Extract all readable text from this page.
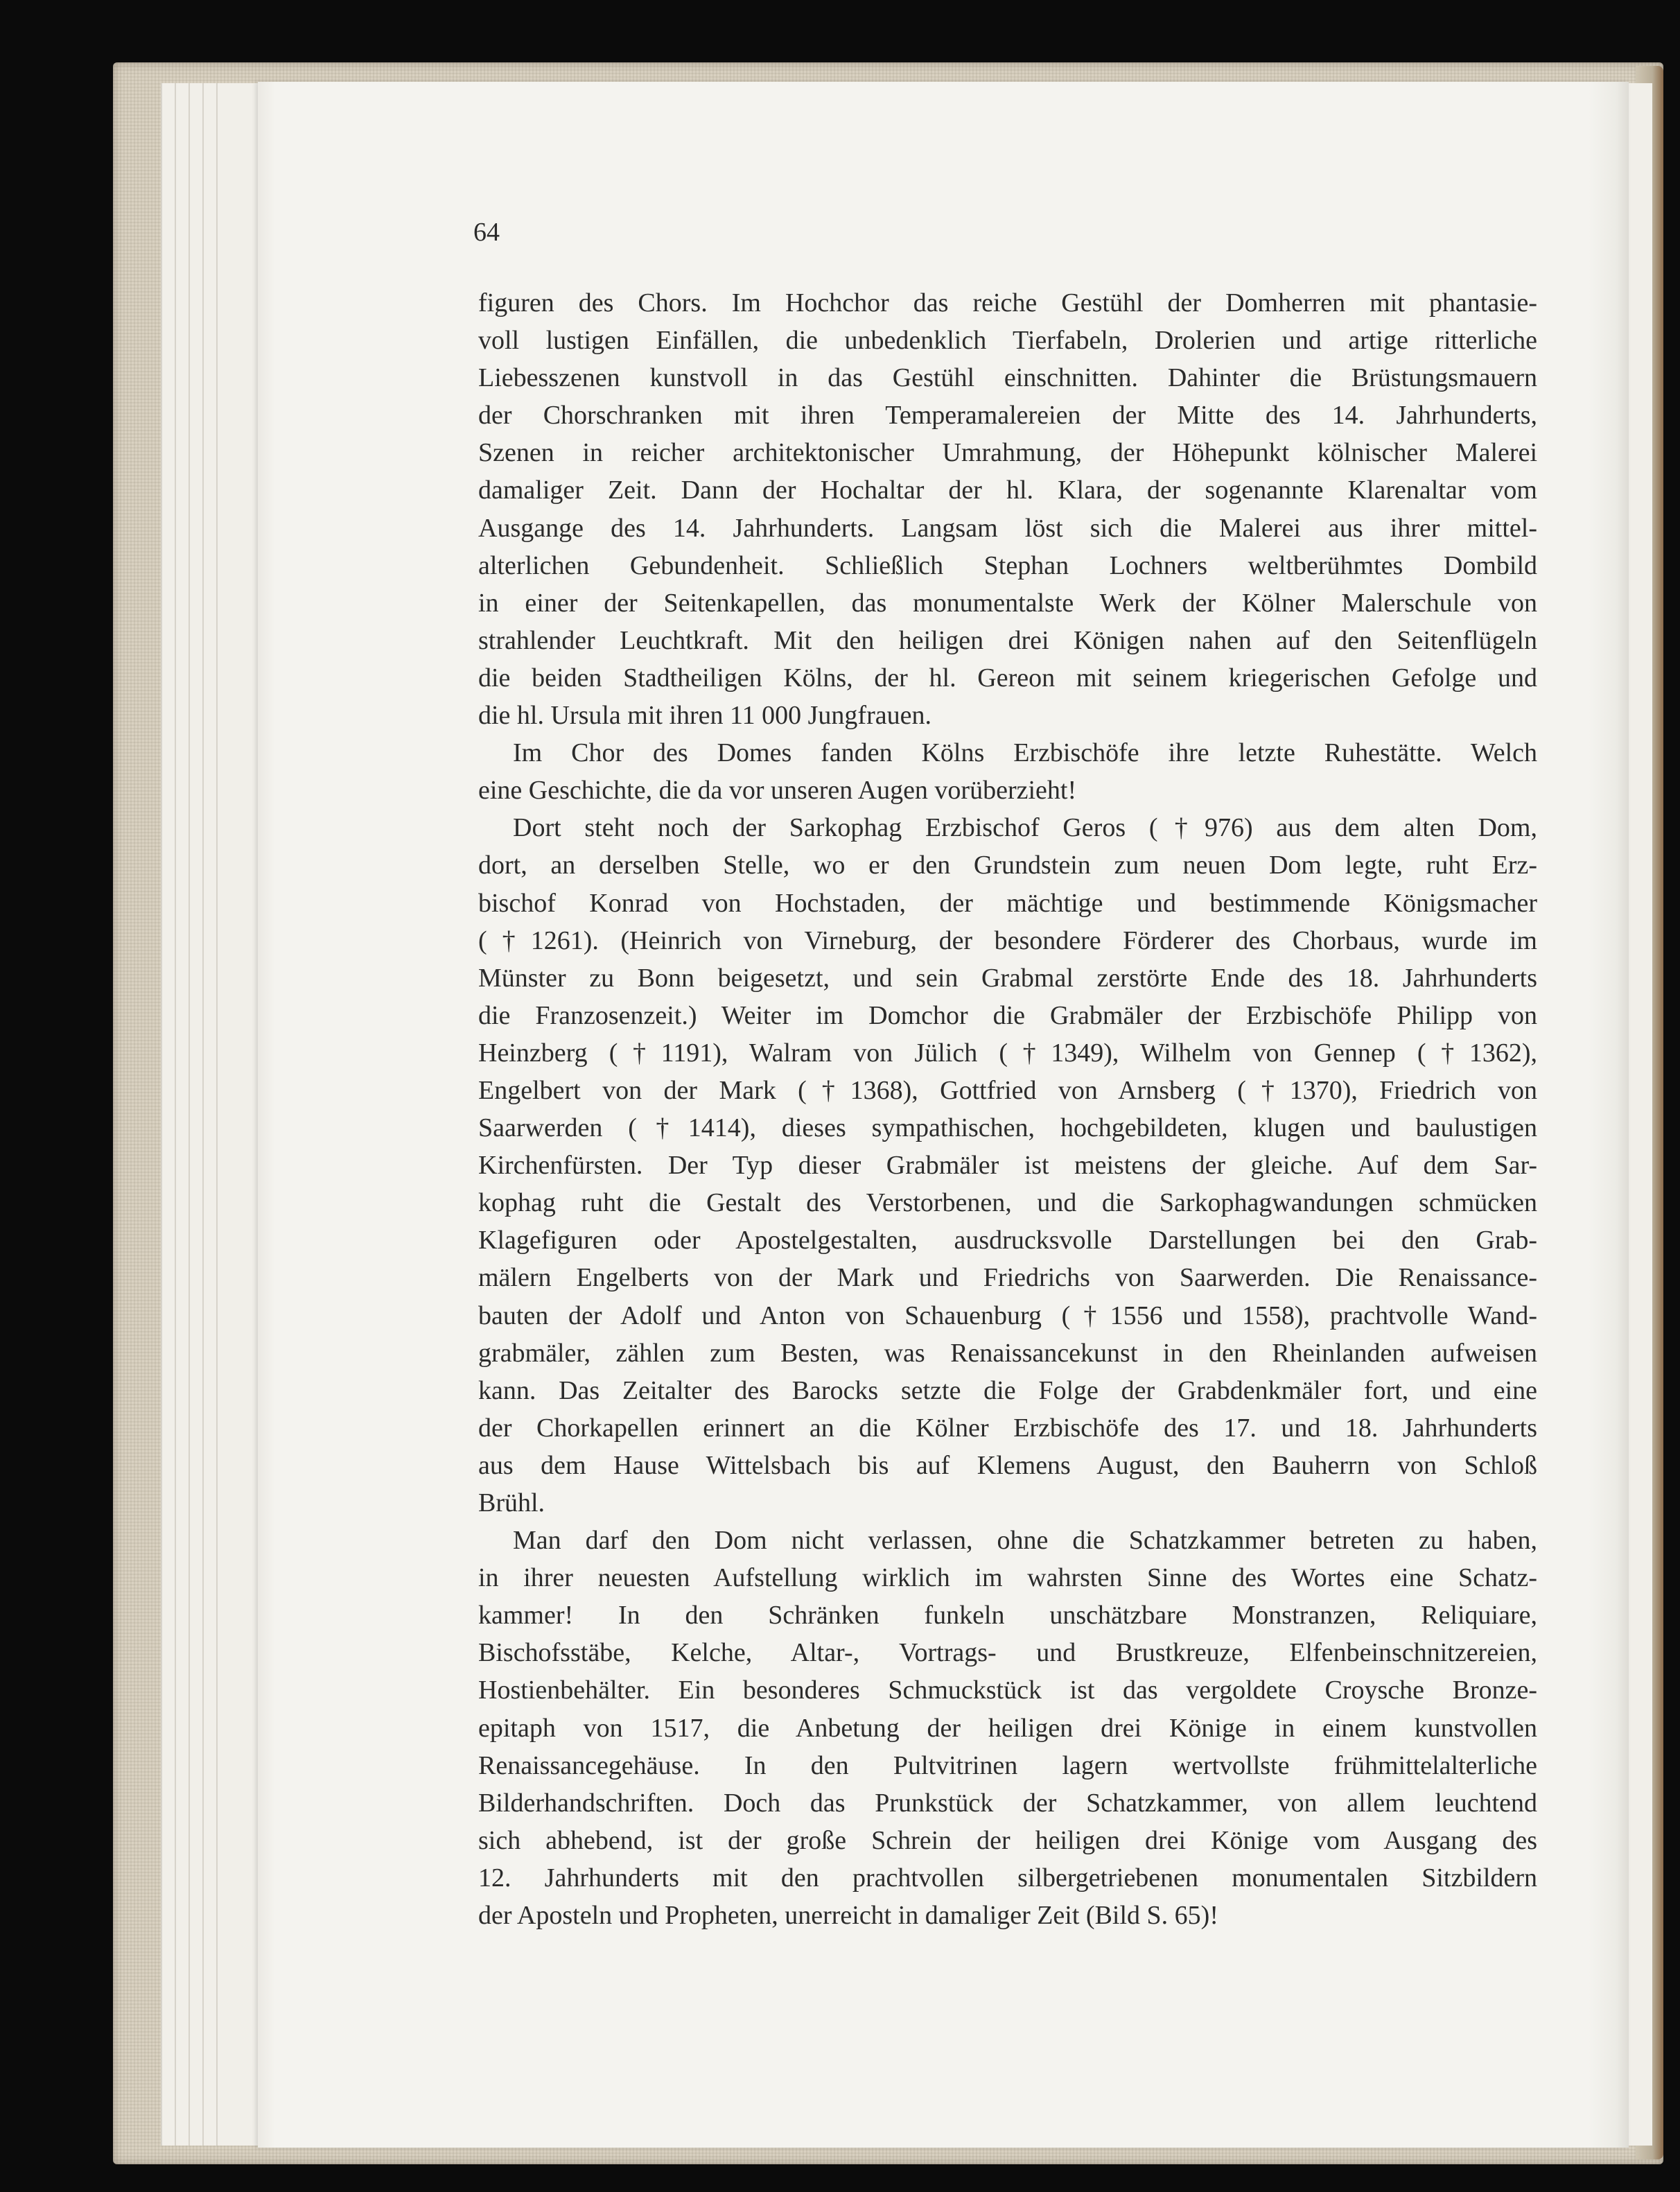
64
figuren des Chors. Im Hochchor das reiche Gestühl der Domherren mit phantasie-
voll lustigen Einfällen, die unbedenklich Tierfabeln, Drolerien und artige ritterliche
Liebesszenen kunstvoll in das Gestühl einschnitten. Dahinter die Brüstungsmauern
der Chorschranken mit ihren Temperamalereien der Mitte des 14. Jahrhunderts,
Szenen in reicher architektonischer Umrahmung, der Höhepunkt kölnischer Malerei
damaliger Zeit. Dann der Hochaltar der hl. Klara, der sogenannte Klarenaltar vom
Ausgange des 14. Jahrhunderts. Langsam löst sich die Malerei aus ihrer mittel-
alterlichen Gebundenheit. Schließlich Stephan Lochners weltberühmtes Dombild
in einer der Seitenkapellen, das monumentalste Werk der Kölner Malerschule von
strahlender Leuchtkraft. Mit den heiligen drei Königen nahen auf den Seitenflügeln
die beiden Stadtheiligen Kölns, der hl. Gereon mit seinem kriegerischen Gefolge und
die hl. Ursula mit ihren 11 000 Jungfrauen.
Im Chor des Domes fanden Kölns Erzbischöfe ihre letzte Ruhestätte. Welch
eine Geschichte, die da vor unseren Augen vorüberzieht!
Dort steht noch der Sarkophag Erzbischof Geros (†976) aus dem alten Dom,
dort, an derselben Stelle, wo er den Grundstein zum neuen Dom legte, ruht Erz-
bischof Konrad von Hochstaden, der mächtige und bestimmende Königsmacher
(†1261). (Heinrich von Virneburg, der besondere Förderer des Chorbaus, wurde im
Münster zu Bonn beigesetzt, und sein Grabmal zerstörte Ende des 18. Jahrhunderts
die Franzosenzeit.) Weiter im Domchor die Grabmäler der Erzbischöfe Philipp von
Heinzberg (†1191), Walram von Jülich (†1349), Wilhelm von Gennep (†1362),
Engelbert von der Mark (†1368), Gottfried von Arnsberg (†1370), Friedrich von
Saarwerden (†1414), dieses sympathischen, hochgebildeten, klugen und baulustigen
Kirchenfürsten. Der Typ dieser Grabmäler ist meistens der gleiche. Auf dem Sar-
kophag ruht die Gestalt des Verstorbenen, und die Sarkophagwandungen schmücken
Klagefiguren oder Apostelgestalten, ausdrucksvolle Darstellungen bei den Grab-
mälern Engelberts von der Mark und Friedrichs von Saarwerden. Die Renaissance-
bauten der Adolf und Anton von Schauenburg (†1556 und 1558), prachtvolle Wand-
grabmäler, zählen zum Besten, was Renaissancekunst in den Rheinlanden aufweisen
kann. Das Zeitalter des Barocks setzte die Folge der Grabdenkmäler fort, und eine
der Chorkapellen erinnert an die Kölner Erzbischöfe des 17. und 18. Jahrhunderts
aus dem Hause Wittelsbach bis auf Klemens August, den Bauherrn von Schloß
Brühl.
Man darf den Dom nicht verlassen, ohne die Schatzkammer betreten zu haben,
in ihrer neuesten Aufstellung wirklich im wahrsten Sinne des Wortes eine Schatz-
kammer! In den Schränken funkeln unschätzbare Monstranzen, Reliquiare,
Bischofsstäbe, Kelche, Altar-, Vortrags- und Brustkreuze, Elfenbeinschnitzereien,
Hostienbehälter. Ein besonderes Schmuckstück ist das vergoldete Croysche Bronze-
epitaph von 1517, die Anbetung der heiligen drei Könige in einem kunstvollen
Renaissancegehäuse. In den Pultvitrinen lagern wertvollste frühmittelalterliche
Bilderhandschriften. Doch das Prunkstück der Schatzkammer, von allem leuchtend
sich abhebend, ist der große Schrein der heiligen drei Könige vom Ausgang des
12. Jahrhunderts mit den prachtvollen silbergetriebenen monumentalen Sitzbildern
der Aposteln und Propheten, unerreicht in damaliger Zeit (Bild S. 65)!
